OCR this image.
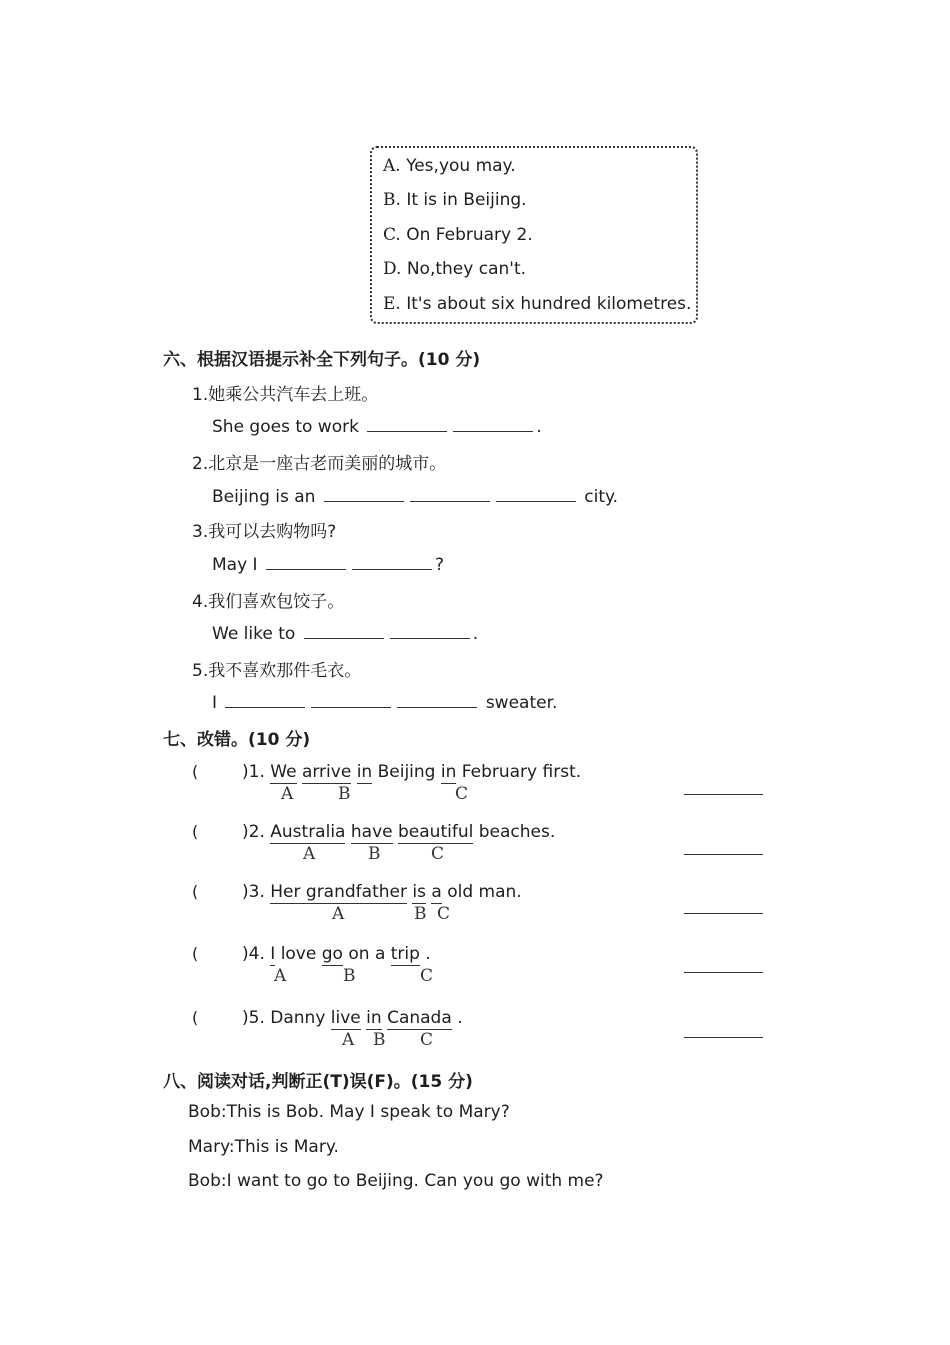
A. Yes,you may.
B. It is in Beijing.
C. On February 2.
D. No,they can't.
E. It's about six hundred kilometres.
六、根据汉语提示补全下列句子。(10 分)
1.她乘公共汽车去上班。
She goes to work	.
2.北京是一座古老而美丽的城市。
Beijing is an	city.
3.我可以去购物吗?
May I	?
4.我们喜欢包饺子。
We like to	.
5.我不喜欢那件毛衣。
I	sweater.
七、改错。(10 分)
(	)1. We arrive in Beijing in February first.
A	B	C
(	)2. Australia have beautiful beaches.
A	B	C
(	)3. Her grandfather is a old man.
A	B C
(	)4. I love go on a trip .
A	B	C
(	)5. Danny live in Canada .
A B C
八、阅读对话,判断正(T)误(F)。(15 分)
Bob:This is Bob. May I speak to Mary?
Mary:This is Mary.
Bob:I want to go to Beijing. Can you go with me?
